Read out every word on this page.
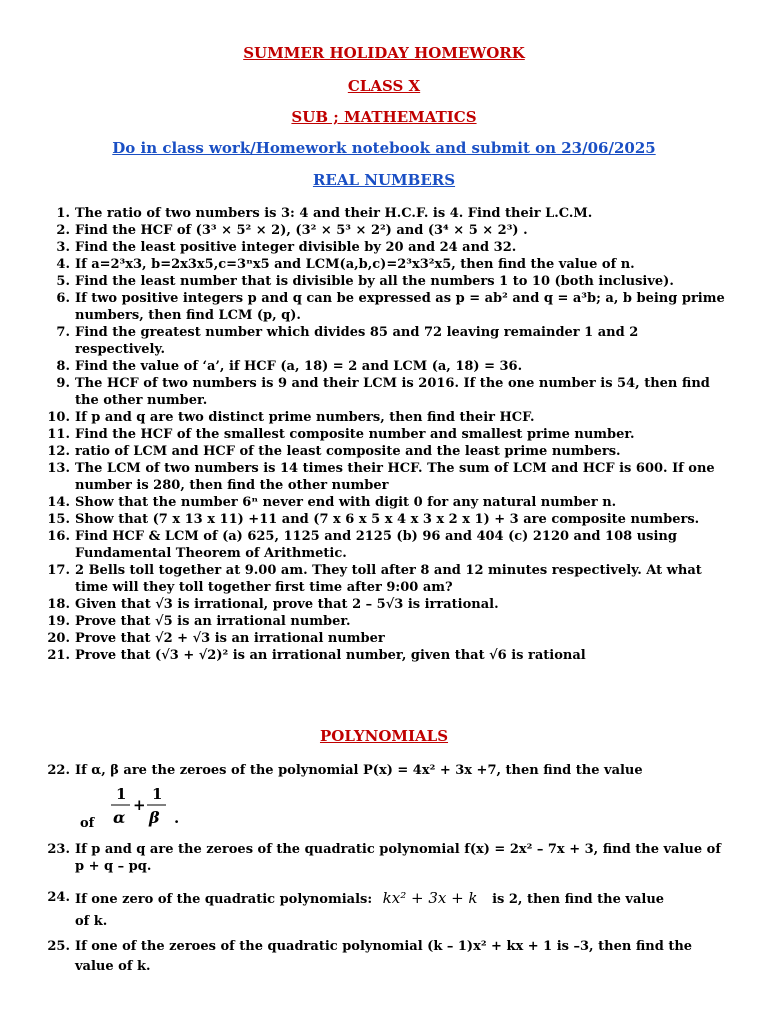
SUMMER HOLIDAY HOMEWORK
CLASS X
SUB ; MATHEMATICS
Do in class work/Homework notebook and submit on 23/06/2025
REAL NUMBERS
1. The ratio of two numbers is 3: 4 and their H.C.F. is 4. Find their L.C.M.
2. Find the HCF of (3³ × 5² × 2), (3² × 5³ × 2²) and (3⁴ × 5 × 2³) .
3. Find the least positive integer divisible by 20 and 24 and 32.
4. If a=2³x3, b=2x3x5,c=3ⁿx5 and LCM(a,b,c)=2³x3²x5, then find the value of n.
5. Find the least number that is divisible by all the numbers 1 to 10 (both inclusive).
6. If two positive integers p and q can be expressed as p = ab² and q = a³b; a, b being prime numbers, then find LCM (p, q).
7. Find the greatest number which divides 85 and 72 leaving remainder 1 and 2 respectively.
8. Find the value of ‘a’, if HCF (a, 18) = 2 and LCM (a, 18) = 36.
9. The HCF of two numbers is 9 and their LCM is 2016. If the one number is 54, then find the other number.
10. If p and q are two distinct prime numbers, then find their HCF.
11. Find the HCF of the smallest composite number and smallest prime number.
12. ratio of LCM and HCF of the least composite and the least prime numbers.
13. The LCM of two numbers is 14 times their HCF. The sum of LCM and HCF is 600. If one number is 280, then find the other number
14. Show that the number 6ⁿ never end with digit 0 for any natural number n.
15. Show that (7 x 13 x 11) +11 and (7 x 6 x 5 x 4 x 3 x 2 x 1) + 3 are composite numbers.
16. Find HCF & LCM of (a) 625, 1125 and 2125 (b) 96 and 404 (c) 2120 and 108 using Fundamental Theorem of Arithmetic.
17. 2 Bells toll together at 9.00 am. They toll after 8 and 12 minutes respectively. At what time will they toll together first time after 9:00 am?
18. Given that √3 is irrational, prove that 2 – 5√3 is irrational.
19. Prove that √5 is an irrational number.
20. Prove that √2 + √3 is an irrational number
21. Prove that (√3 + √2)² is an irrational number, given that √6 is rational
POLYNOMIALS
22. If α, β are the zeroes of the polynomial P(x) = 4x² + 3x +7, then find the value
of
1
α
+
1
β .
23. If p and q are the zeroes of the quadratic polynomial f(x) = 2x² – 7x + 3, find the value of p + q – pq.
24. If one zero of the quadratic polynomials: kx² + 3x + k is 2, then find the value
of k.
25. If one of the zeroes of the quadratic polynomial (k – 1)x² + kx + 1 is –3, then find the value of k.
